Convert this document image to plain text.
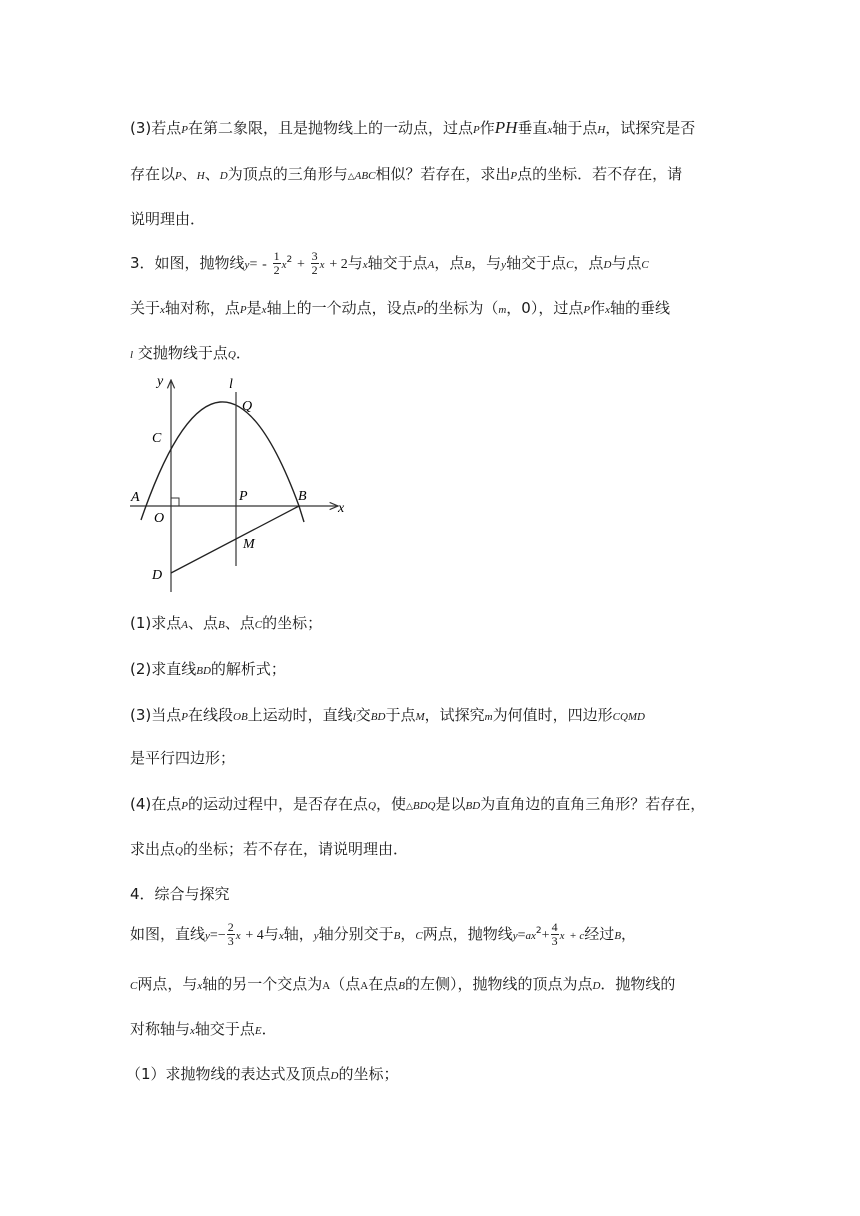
(3)若点P在第二象限，且是抛物线上的一动点，过点P作PH垂直x轴于点H，试探究是否
存在以P、H、D为顶点的三角形与△ABC相似？若存在，求出P点的坐标．若不存在，请
说明理由．
3．如图，抛物线$y= - \frac{1}{2} x^2 + \frac{3}{2}$ x + 2与x轴交于点A，点B，与y轴交于点C，点D与点C
关于x轴对称，点P是x轴上的一个动点，设点P的坐标为（m，0），过点P作x轴的垂线
l 交抛物线于点Q．
y
x
l
Q
C
A
O
P	B
M
D
(1)求点A、点B、点C的坐标；
(2)求直线BD的解析式；
(3)当点P在线段OB上运动时，直线l交BD于点M，试探究m为何值时，四边形CQMD
是平行四边形；
(4)在点P的运动过程中，是否存在点Q，使△BDQ是以BD为直角边的直角三角形？若存在，
求出点Q的坐标；若不存在，请说明理由．
4．综合与探究
如图，直线$y=- \frac{2}{3}$ x + 4与x轴，y轴分别交于B，C两点，抛物线$y=ax^2+ \frac{4}{3}$ x + c经过B，
C两点，与x轴的另一个交点为A（点A在点B的左侧），抛物线的顶点为点D．抛物线的
对称轴与x轴交于点E．
（1）求抛物线的表达式及顶点D的坐标；
